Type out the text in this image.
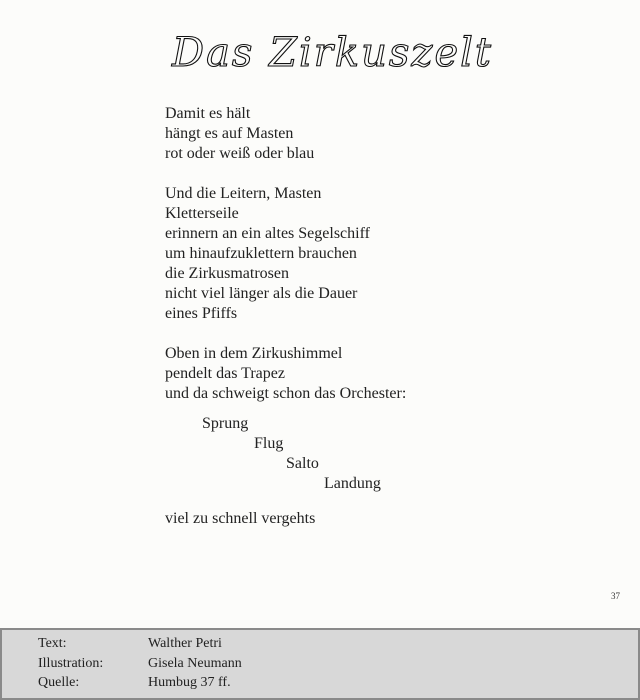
Das Zirkuszelt
Damit es hält
hängt es auf Masten
rot oder weiß oder blau
Und die Leitern, Masten
Kletterseile
erinnern an ein altes Segelschiff
um hinaufzuklettern brauchen
die Zirkusmatrosen
nicht viel länger als die Dauer
eines Pfiffs
Oben in dem Zirkushimmel
pendelt das Trapez
und da schweigt schon das Orchester:
Sprung
Flug
Salto
Landung
viel zu schnell vergehts
37
Text:	Walther Petri
Illustration:	Gisela Neumann
Quelle:	Humbug 37 ff.
